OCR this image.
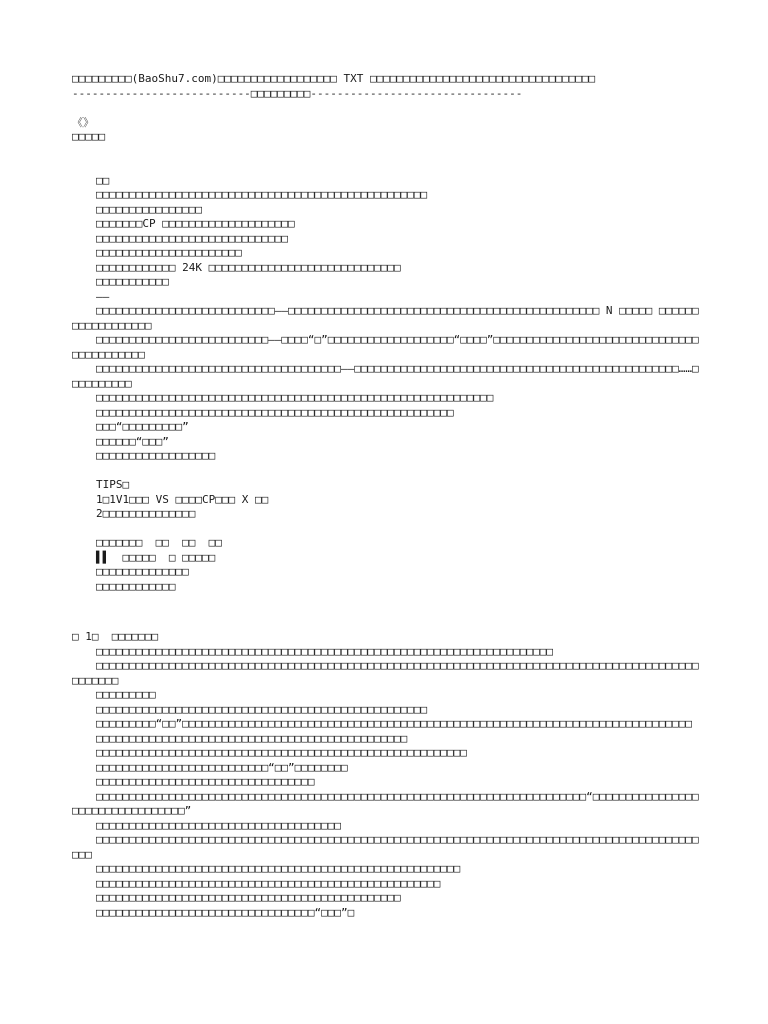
□□□□□□□□□(BaoShu7.com)□□□□□□□□□□□□□□□□□□ TXT □□□□□□□□□□□□□□□□□□□□□□□□□□□□□□□□□□
---------------------------□□□□□□□□□--------------------------------
《》
□□□□□
□□
□□□□□□□□□□□□□□□□□□□□□□□□□□□□□□□□□□□□□□□□□□□□□□□□□□
□□□□□□□□□□□□□□□□
□□□□□□□CP □□□□□□□□□□□□□□□□□□□□
□□□□□□□□□□□□□□□□□□□□□□□□□□□□□
□□□□□□□□□□□□□□□□□□□□□□
□□□□□□□□□□□□ 24K □□□□□□□□□□□□□□□□□□□□□□□□□□□□□
□□□□□□□□□□□
——
□□□□□□□□□□□□□□□□□□□□□□□□□□□——□□□□□□□□□□□□□□□□□□□□□□□□□□□□□□□□□□□□□□□□□□□□□□□ N □□□□□ □□□□□□□□□□□□□□□□□□
□□□□□□□□□□□□□□□□□□□□□□□□□□——□□□□“□”□□□□□□□□□□□□□□□□□□□“□□□□”□□□□□□□□□□□□□□□□□□□□□□□□□□□□□□□□□□□□□□□□□□
□□□□□□□□□□□□□□□□□□□□□□□□□□□□□□□□□□□□□——□□□□□□□□□□□□□□□□□□□□□□□□□□□□□□□□□□□□□□□□□□□□□□□□□……□□□□□□□□□□
□□□□□□□□□□□□□□□□□□□□□□□□□□□□□□□□□□□□□□□□□□□□□□□□□□□□□□□□□□□□
□□□□□□□□□□□□□□□□□□□□□□□□□□□□□□□□□□□□□□□□□□□□□□□□□□□□□□
□□□“□□□□□□□□□”
□□□□□□“□□□”
□□□□□□□□□□□□□□□□□□
TIPS□
1□1V1□□□ VS □□□□CP□□□ X □□
2□□□□□□□□□□□□□□
□□□□□□□  □□  □□  □□
▌▌  □□□□□  □ □□□□□
□□□□□□□□□□□□□□
□□□□□□□□□□□□
□ 1□  □□□□□□□
□□□□□□□□□□□□□□□□□□□□□□□□□□□□□□□□□□□□□□□□□□□□□□□□□□□□□□□□□□□□□□□□□□□□□
□□□□□□□□□□□□□□□□□□□□□□□□□□□□□□□□□□□□□□□□□□□□□□□□□□□□□□□□□□□□□□□□□□□□□□□□□□□□□□□□□□□□□□□□□□□□□□□□□□
□□□□□□□□□
□□□□□□□□□□□□□□□□□□□□□□□□□□□□□□□□□□□□□□□□□□□□□□□□□□
□□□□□□□□□“□□”□□□□□□□□□□□□□□□□□□□□□□□□□□□□□□□□□□□□□□□□□□□□□□□□□□□□□□□□□□□□□□□□□□□□□□□□□□□□□
□□□□□□□□□□□□□□□□□□□□□□□□□□□□□□□□□□□□□□□□□□□□□□□
□□□□□□□□□□□□□□□□□□□□□□□□□□□□□□□□□□□□□□□□□□□□□□□□□□□□□□□□
□□□□□□□□□□□□□□□□□□□□□□□□□□“□□”□□□□□□□□
□□□□□□□□□□□□□□□□□□□□□□□□□□□□□□□□□
□□□□□□□□□□□□□□□□□□□□□□□□□□□□□□□□□□□□□□□□□□□□□□□□□□□□□□□□□□□□□□□□□□□□□□□□□□“□□□□□□□□□□□□□□□□□□□□□□□□□□□□□□□□□”
□□□□□□□□□□□□□□□□□□□□□□□□□□□□□□□□□□□□□
□□□□□□□□□□□□□□□□□□□□□□□□□□□□□□□□□□□□□□□□□□□□□□□□□□□□□□□□□□□□□□□□□□□□□□□□□□□□□□□□□□□□□□□□□□□□□□
□□□□□□□□□□□□□□□□□□□□□□□□□□□□□□□□□□□□□□□□□□□□□□□□□□□□□□□
□□□□□□□□□□□□□□□□□□□□□□□□□□□□□□□□□□□□□□□□□□□□□□□□□□□□
□□□□□□□□□□□□□□□□□□□□□□□□□□□□□□□□□□□□□□□□□□□□□□
□□□□□□□□□□□□□□□□□□□□□□□□□□□□□□□□□“□□□”□
